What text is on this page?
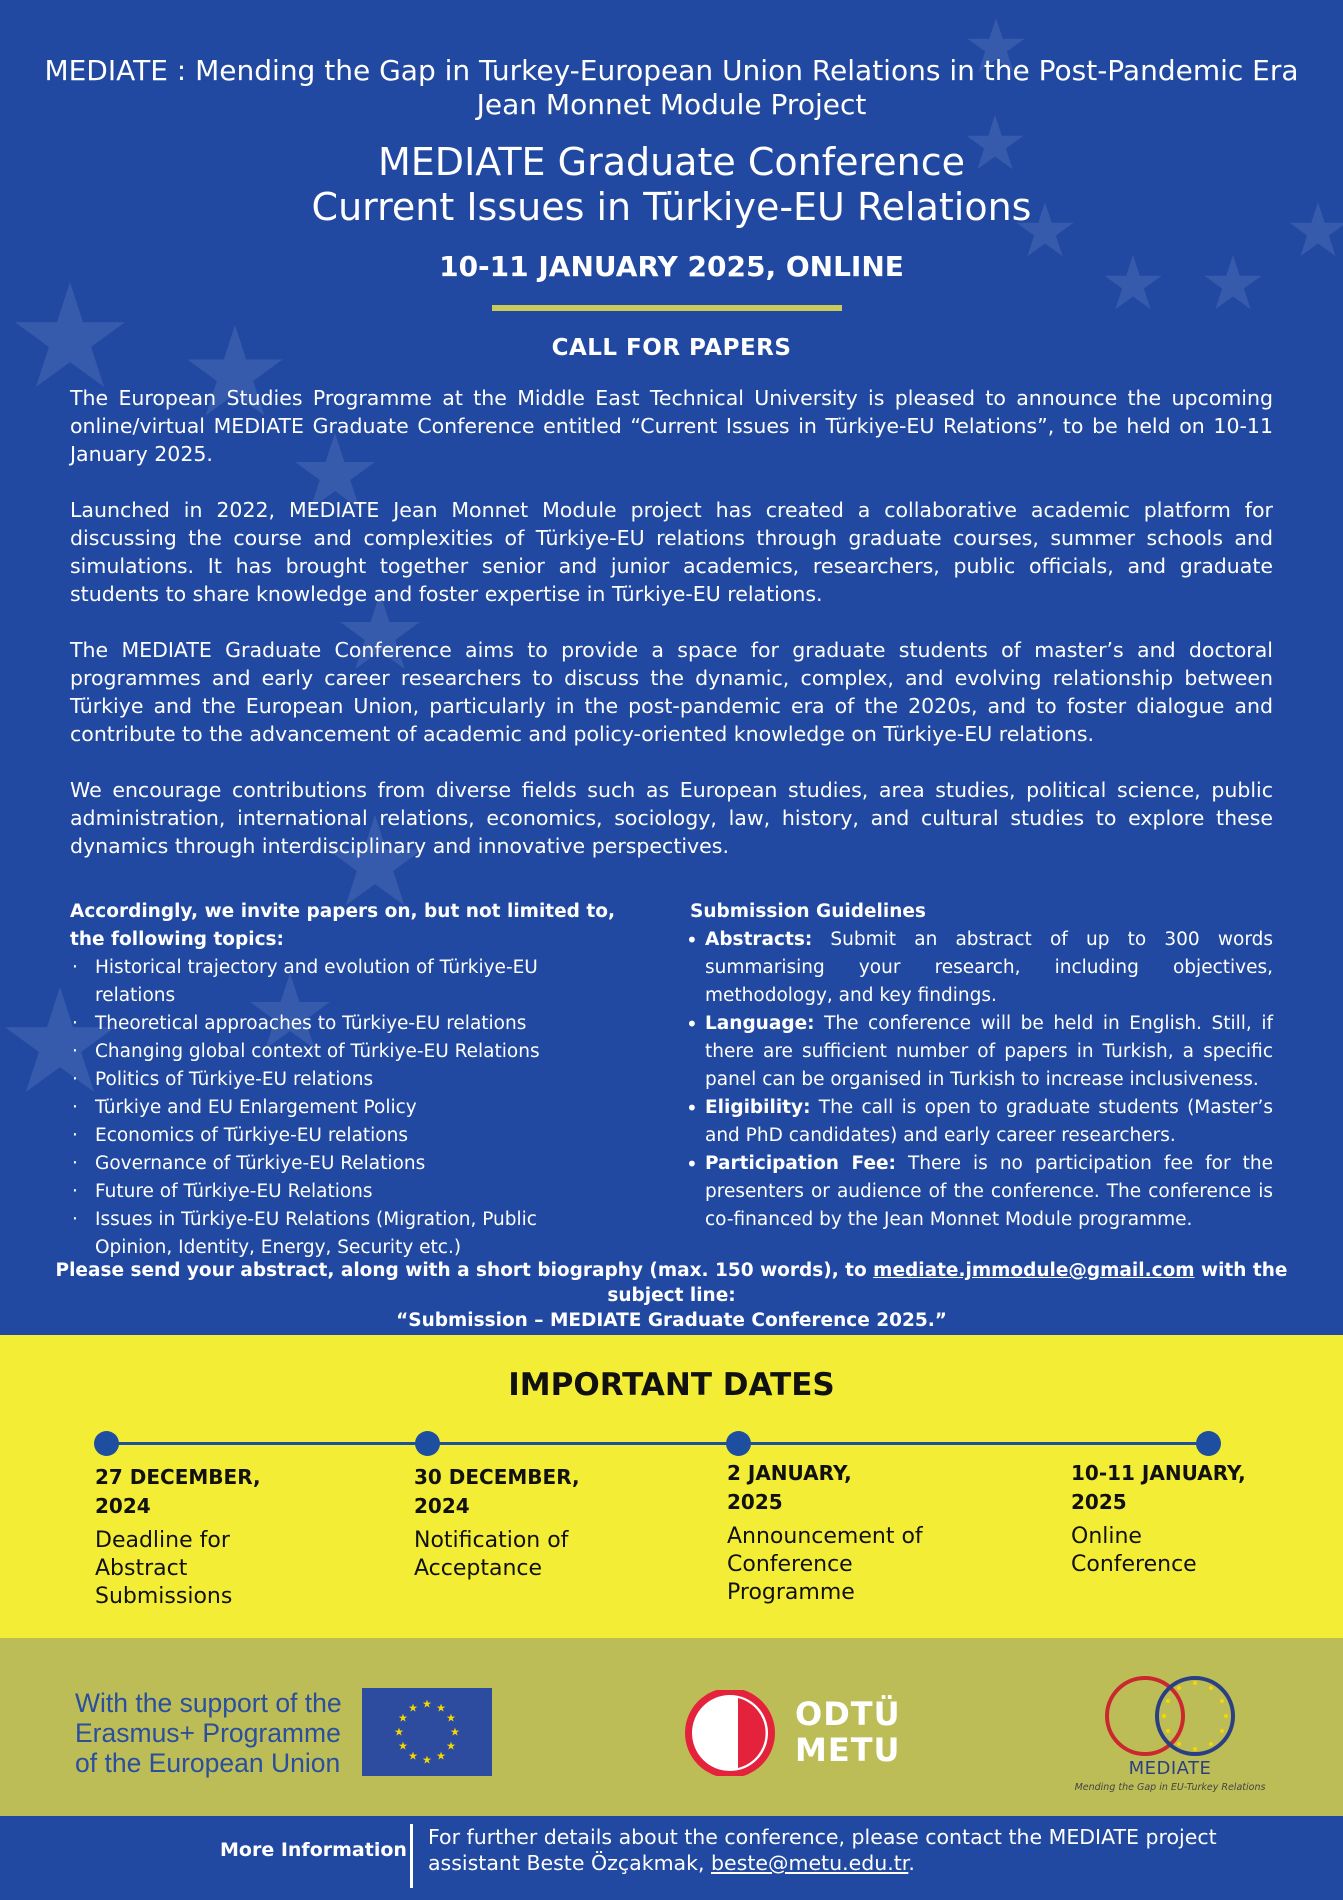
MEDIATE : Mending the Gap in Turkey-European Union Relations in the Post-Pandemic Era
Jean Monnet Module Project
MEDIATE Graduate Conference
Current Issues in Türkiye-EU Relations
10-11 JANUARY 2025, ONLINE
CALL FOR PAPERS
The European Studies Programme at the Middle East Technical University is pleased to announce the upcoming online/virtual MEDIATE Graduate Conference entitled “Current Issues in Türkiye-EU Relations”, to be held on 10-11 January 2025.
Launched in 2022, MEDIATE Jean Monnet Module project has created a collaborative academic platform for discussing the course and complexities of Türkiye-EU relations through graduate courses, summer schools and simulations. It has brought together senior and junior academics, researchers, public officials, and graduate students to share knowledge and foster expertise in Türkiye-EU relations.
The MEDIATE Graduate Conference aims to provide a space for graduate students of master’s and doctoral programmes and early career researchers to discuss the dynamic, complex, and evolving relationship between Türkiye and the European Union, particularly in the post-pandemic era of the 2020s, and to foster dialogue and contribute to the advancement of academic and policy-oriented knowledge on Türkiye-EU relations.
We encourage contributions from diverse fields such as European studies, area studies, political science, public administration, international relations, economics, sociology, law, history, and cultural studies to explore these dynamics through interdisciplinary and innovative perspectives.
Accordingly, we invite papers on, but not limited to, the following topics:
· Historical trajectory and evolution of Türkiye-EU relations
· Theoretical approaches to Türkiye-EU relations
· Changing global context of Türkiye-EU Relations
· Politics of Türkiye-EU relations
· Türkiye and EU Enlargement Policy
· Economics of Türkiye-EU relations
· Governance of Türkiye-EU Relations
· Future of Türkiye-EU Relations
· Issues in Türkiye-EU Relations (Migration, Public Opinion, Identity, Energy, Security etc.)
Submission Guidelines
• Abstracts: Submit an abstract of up to 300 words summarising your research, including objectives, methodology, and key findings.
• Language: The conference will be held in English. Still, if there are sufficient number of papers in Turkish, a specific panel can be organised in Turkish to increase inclusiveness.
• Eligibility: The call is open to graduate students (Master’s and PhD candidates) and early career researchers.
• Participation Fee: There is no participation fee for the presenters or audience of the conference. The conference is co-financed by the Jean Monnet Module programme.
Please send your abstract, along with a short biography (max. 150 words), to mediate.jmmodule@gmail.com with the subject line:
“Submission – MEDIATE Graduate Conference 2025.”
IMPORTANT DATES
27 DECEMBER,
2024
Deadline for Abstract Submissions
30 DECEMBER,
2024
Notification of Acceptance
2 JANUARY,
2025
Announcement of Conference Programme
10-11 JANUARY,
2025
Online Conference
With the support of the
Erasmus+ Programme
of the European Union
ODTÜ
METU	MEDIATE
Mending the Gap in EU-Turkey Relations
More Information
For further details about the conference, please contact the MEDIATE project assistant Beste Özçakmak, beste@metu.edu.tr.
